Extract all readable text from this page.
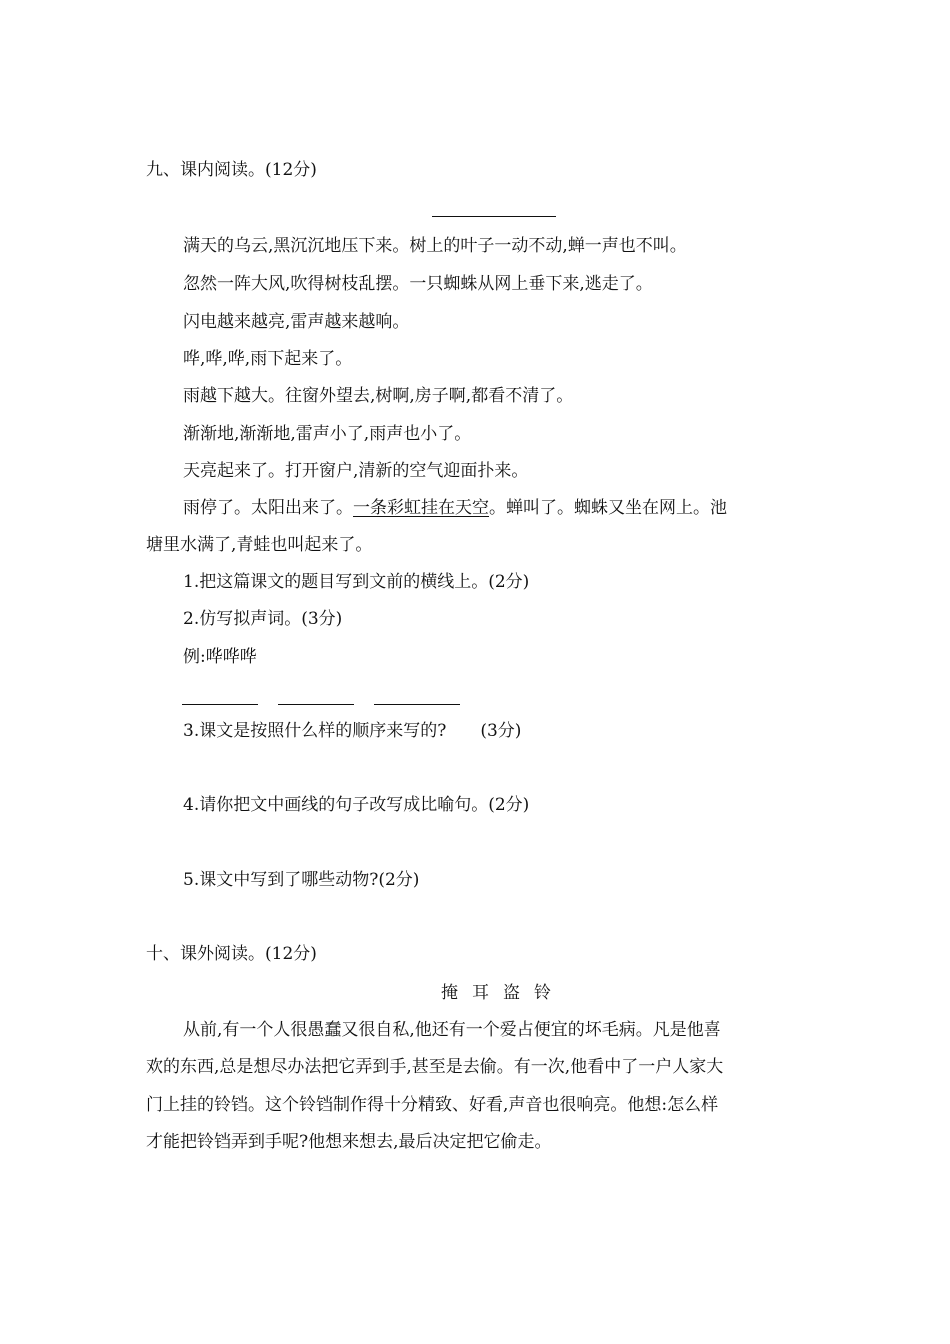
九、课内阅读。(12分)
满天的乌云,黑沉沉地压下来。树上的叶子一动不动,蝉一声也不叫。
忽然一阵大风,吹得树枝乱摆。一只蜘蛛从网上垂下来,逃走了。
闪电越来越亮,雷声越来越响。
哗,哗,哗,雨下起来了。
雨越下越大。往窗外望去,树啊,房子啊,都看不清了。
渐渐地,渐渐地,雷声小了,雨声也小了。
天亮起来了。打开窗户,清新的空气迎面扑来。
雨停了。太阳出来了。一条彩虹挂在天空。蝉叫了。蜘蛛又坐在网上。池
塘里水满了,青蛙也叫起来了。
1.把这篇课文的题目写到文前的横线上。(2分)
2.仿写拟声词。(3分)
例:哗哗哗
3.课文是按照什么样的顺序来写的?　　(3分)
4.请你把文中画线的句子改写成比喻句。(2分)
5.课文中写到了哪些动物?(2分)
十、课外阅读。(12分)
掩耳盗铃
从前,有一个人很愚蠢又很自私,他还有一个爱占便宜的坏毛病。凡是他喜
欢的东西,总是想尽办法把它弄到手,甚至是去偷。有一次,他看中了一户人家大
门上挂的铃铛。这个铃铛制作得十分精致、好看,声音也很响亮。他想:怎么样
才能把铃铛弄到手呢?他想来想去,最后决定把它偷走。
